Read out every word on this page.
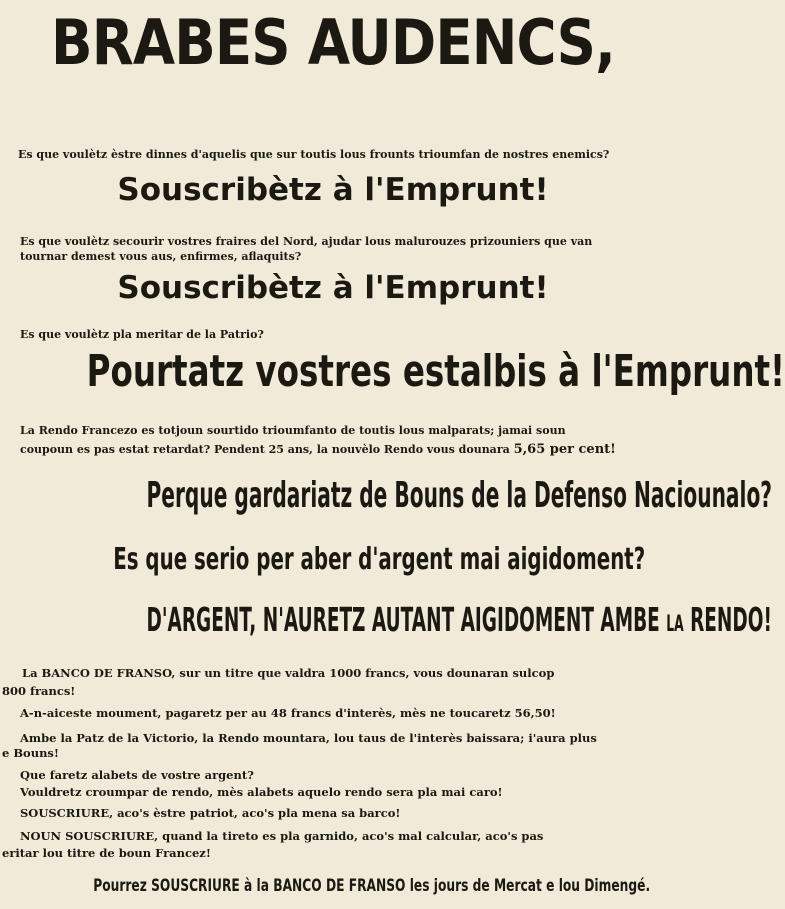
BRABES AUDENCS,
Es que voulètz èstre dinnes d'aquelis que sur toutis lous frounts trioumfan de nostres enemics?
Souscribètz à l'Emprunt!
Es que voulètz secourir vostres fraires del Nord, ajudar lous malurouzes prizouniers que van
tournar demest vous aus, enfirmes, aflaquits?
Souscribètz à l'Emprunt!
Es que voulètz pla meritar de la Patrio?
Pourtatz vostres estalbis à l'Emprunt!
La Rendo Francezo es totjoun sourtido trioumfanto de toutis lous malparats; jamai soun
coupoun es pas estat retardat? Pendent 25 ans, la nouvèlo Rendo vous dounara 5,65 per cent!
Perque gardariatz de Bouns de la Defenso Naciounalo?
Es que serio per aber d'argent mai aigidoment?
D'ARGENT, N'AURETZ AUTANT AIGIDOMENT AMBE LA RENDO!
La BANCO DE FRANSO, sur un titre que valdra 1000 francs, vous dounaran sulcop
800 francs!
A-n-aiceste moument, pagaretz per au 48 francs d'interès, mès ne toucaretz 56,50!
Ambe la Patz de la Victorio, la Rendo mountara, lou taus de l'interès baissara; i'aura plus
e Bouns!
Que faretz alabets de vostre argent?
Vouldretz croumpar de rendo, mès alabets aquelo rendo sera pla mai caro!
SOUSCRIURE, aco's èstre patriot, aco's pla mena sa barco!
NOUN SOUSCRIURE, quand la tireto es pla garnido, aco's mal calcular, aco's pas
eritar lou titre de boun Francez!
Pourrez SOUSCRIURE à la BANCO DE FRANSO les jours de Mercat e lou Dimengé.
